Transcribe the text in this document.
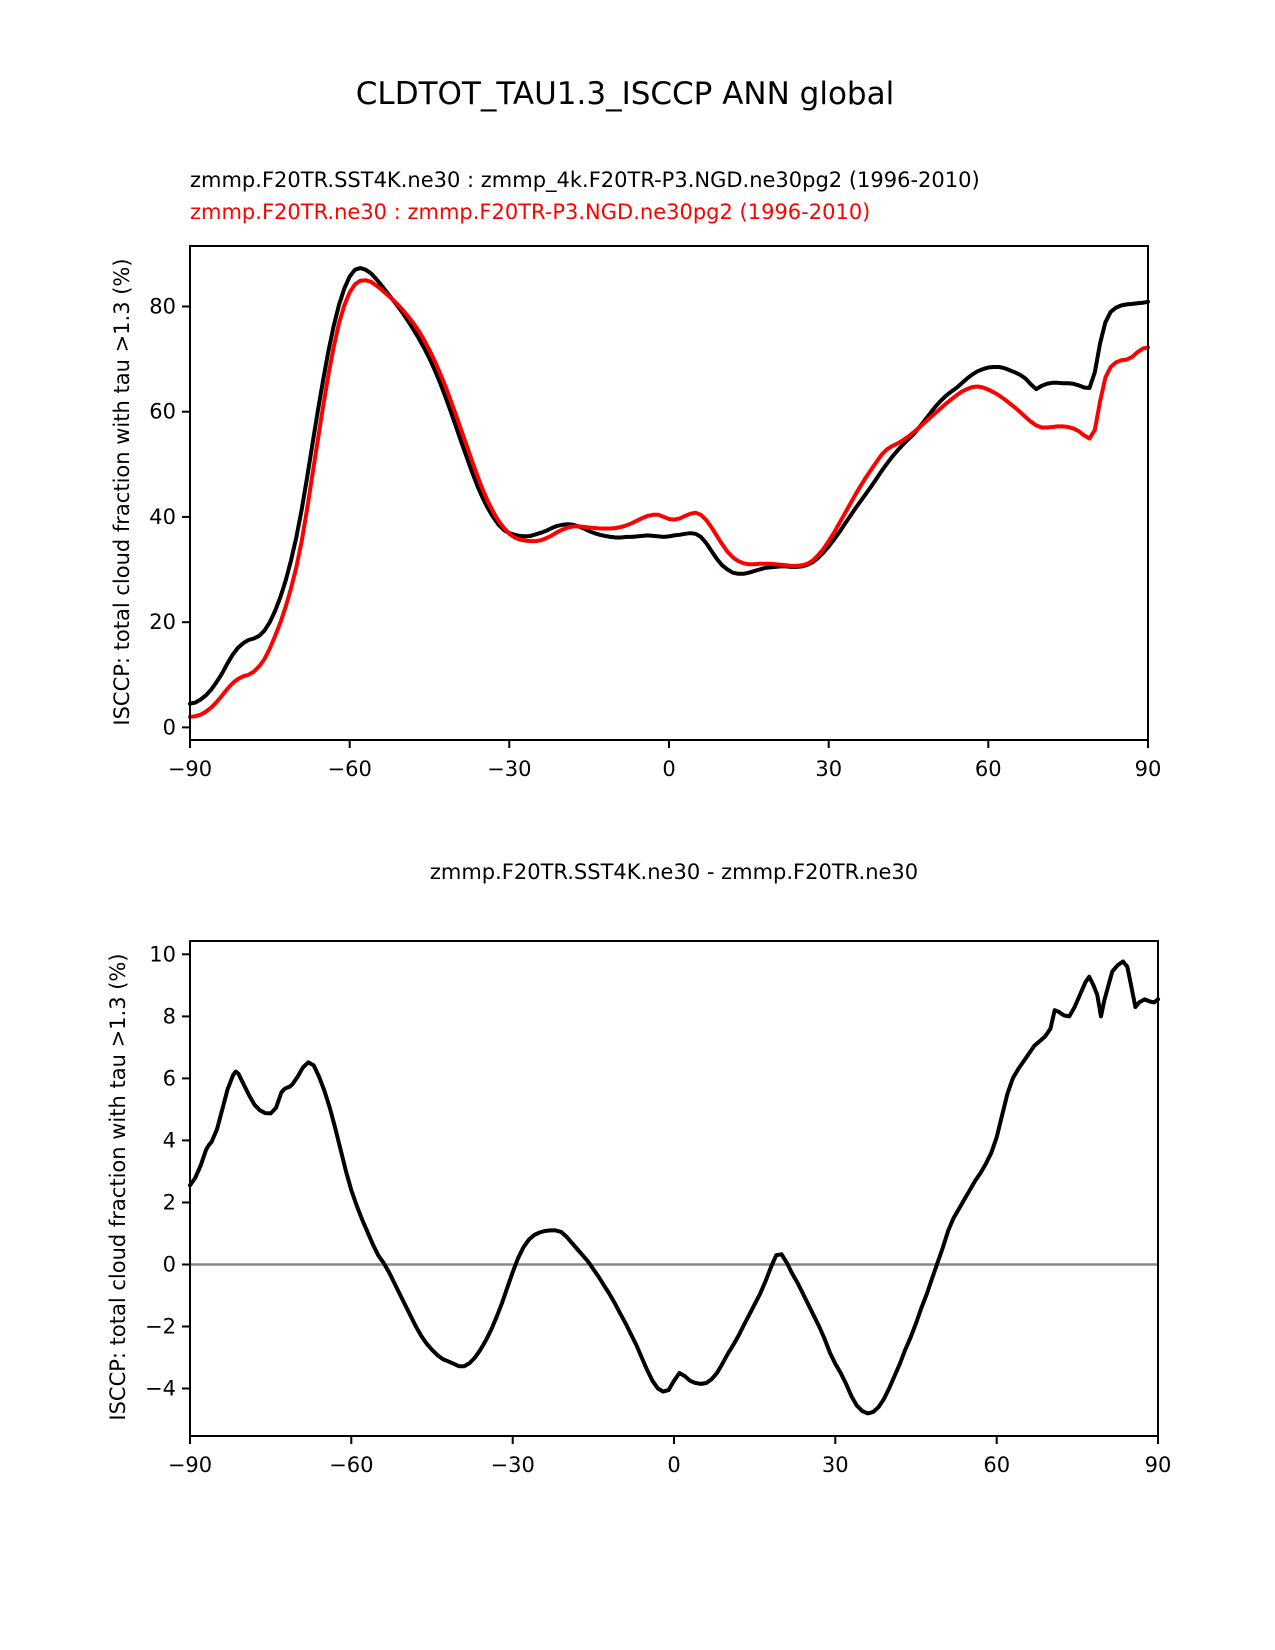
CLDTOT_TAU1.3_ISCCP ANN global
zmmp.F20TR.SST4K.ne30 : zmmp_4k.F20TR-P3.NGD.ne30pg2 (1996-2010)
zmmp.F20TR.ne30 : zmmp.F20TR-P3.NGD.ne30pg2 (1996-2010)
zmmp.F20TR.SST4K.ne30 - zmmp.F20TR.ne30
ISCCP: total cloud fraction with tau >1.3 (%)
ISCCP: total cloud fraction with tau >1.3 (%)
−90	−60	−30	0	30	60	90
0
20
40
60
80
−90	−60	−30	0	30	60	90
−4
−2
0
2
4
6
8
10
